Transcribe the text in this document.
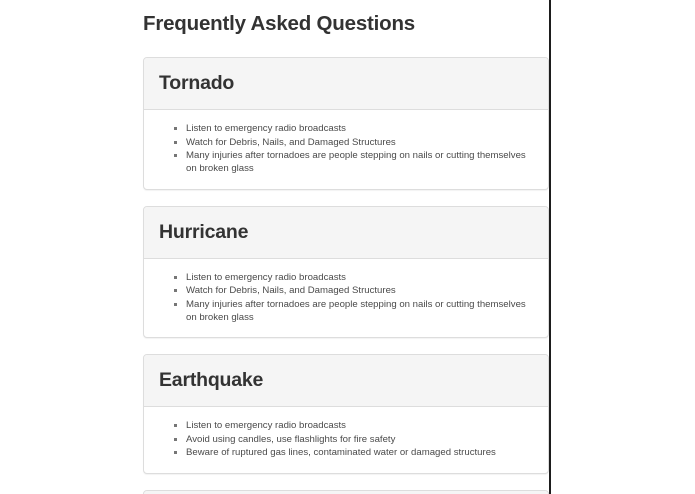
Frequently Asked Questions
Tornado
▪ Listen to emergency radio broadcasts
▪ Watch for Debris, Nails, and Damaged Structures
▪ Many injuries after tornadoes are people stepping on nails or cutting themselves on broken glass
Hurricane
▪ Listen to emergency radio broadcasts
▪ Watch for Debris, Nails, and Damaged Structures
▪ Many injuries after tornadoes are people stepping on nails or cutting themselves on broken glass
Earthquake
▪ Listen to emergency radio broadcasts
▪ Avoid using candles, use flashlights for fire safety
▪ Beware of ruptured gas lines, contaminated water or damaged structures
